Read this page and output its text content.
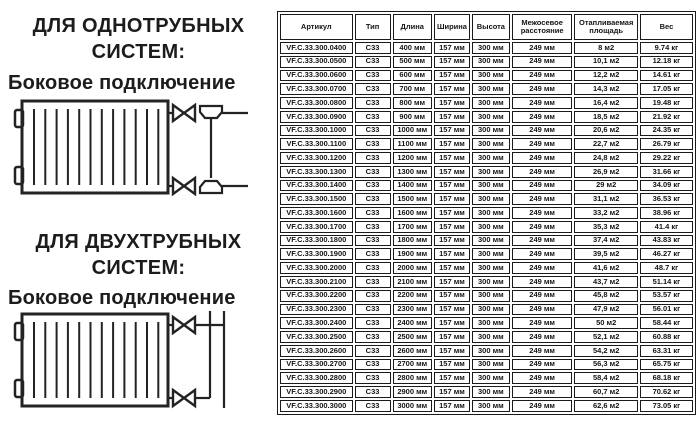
ДЛЯ ОДНОТРУБНЫХ
СИСТЕМ:
Боковое подключение
ДЛЯ ДВУХТРУБНЫХ
СИСТЕМ:
Боковое подключение
Артикул	Тип	Длина	Ширина	Высота	Межосевое расстояние	Отапливаемая площадь	Вес
VF.C.33.300.0400	C33	400 мм	157 мм	300 мм	249 мм	8 м2	9.74 кг
VF.C.33.300.0500	C33	500 мм	157 мм	300 мм	249 мм	10,1 м2	12.18 кг
VF.C.33.300.0600	C33	600 мм	157 мм	300 мм	249 мм	12,2 м2	14.61 кг
VF.C.33.300.0700	C33	700 мм	157 мм	300 мм	249 мм	14,3 м2	17.05 кг
VF.C.33.300.0800	C33	800 мм	157 мм	300 мм	249 мм	16,4 м2	19.48 кг
VF.C.33.300.0900	C33	900 мм	157 мм	300 мм	249 мм	18,5 м2	21.92 кг
VF.C.33.300.1000	C33	1000 мм	157 мм	300 мм	249 мм	20,6 м2	24.35 кг
VF.C.33.300.1100	C33	1100 мм	157 мм	300 мм	249 мм	22,7 м2	26.79 кг
VF.C.33.300.1200	C33	1200 мм	157 мм	300 мм	249 мм	24,8 м2	29.22 кг
VF.C.33.300.1300	C33	1300 мм	157 мм	300 мм	249 мм	26,9 м2	31.66 кг
VF.C.33.300.1400	C33	1400 мм	157 мм	300 мм	249 мм	29 м2	34.09 кг
VF.C.33.300.1500	C33	1500 мм	157 мм	300 мм	249 мм	31,1 м2	36.53 кг
VF.C.33.300.1600	C33	1600 мм	157 мм	300 мм	249 мм	33,2 м2	38.96 кг
VF.C.33.300.1700	C33	1700 мм	157 мм	300 мм	249 мм	35,3 м2	41.4 кг
VF.C.33.300.1800	C33	1800 мм	157 мм	300 мм	249 мм	37,4 м2	43.83 кг
VF.C.33.300.1900	C33	1900 мм	157 мм	300 мм	249 мм	39,5 м2	46.27 кг
VF.C.33.300.2000	C33	2000 мм	157 мм	300 мм	249 мм	41,6 м2	48.7 кг
VF.C.33.300.2100	C33	2100 мм	157 мм	300 мм	249 мм	43,7 м2	51.14 кг
VF.C.33.300.2200	C33	2200 мм	157 мм	300 мм	249 мм	45,8 м2	53.57 кг
VF.C.33.300.2300	C33	2300 мм	157 мм	300 мм	249 мм	47,9 м2	56.01 кг
VF.C.33.300.2400	C33	2400 мм	157 мм	300 мм	249 мм	50 м2	58.44 кг
VF.C.33.300.2500	C33	2500 мм	157 мм	300 мм	249 мм	52,1 м2	60.88 кг
VF.C.33.300.2600	C33	2600 мм	157 мм	300 мм	249 мм	54,2 м2	63.31 кг
VF.C.33.300.2700	C33	2700 мм	157 мм	300 мм	249 мм	56,3 м2	65.75 кг
VF.C.33.300.2800	C33	2800 мм	157 мм	300 мм	249 мм	58,4 м2	68.18 кг
VF.C.33.300.2900	C33	2900 мм	157 мм	300 мм	249 мм	60,7 м2	70.62 кг
VF.C.33.300.3000	C33	3000 мм	157 мм	300 мм	249 мм	62,6 м2	73.05 кг
